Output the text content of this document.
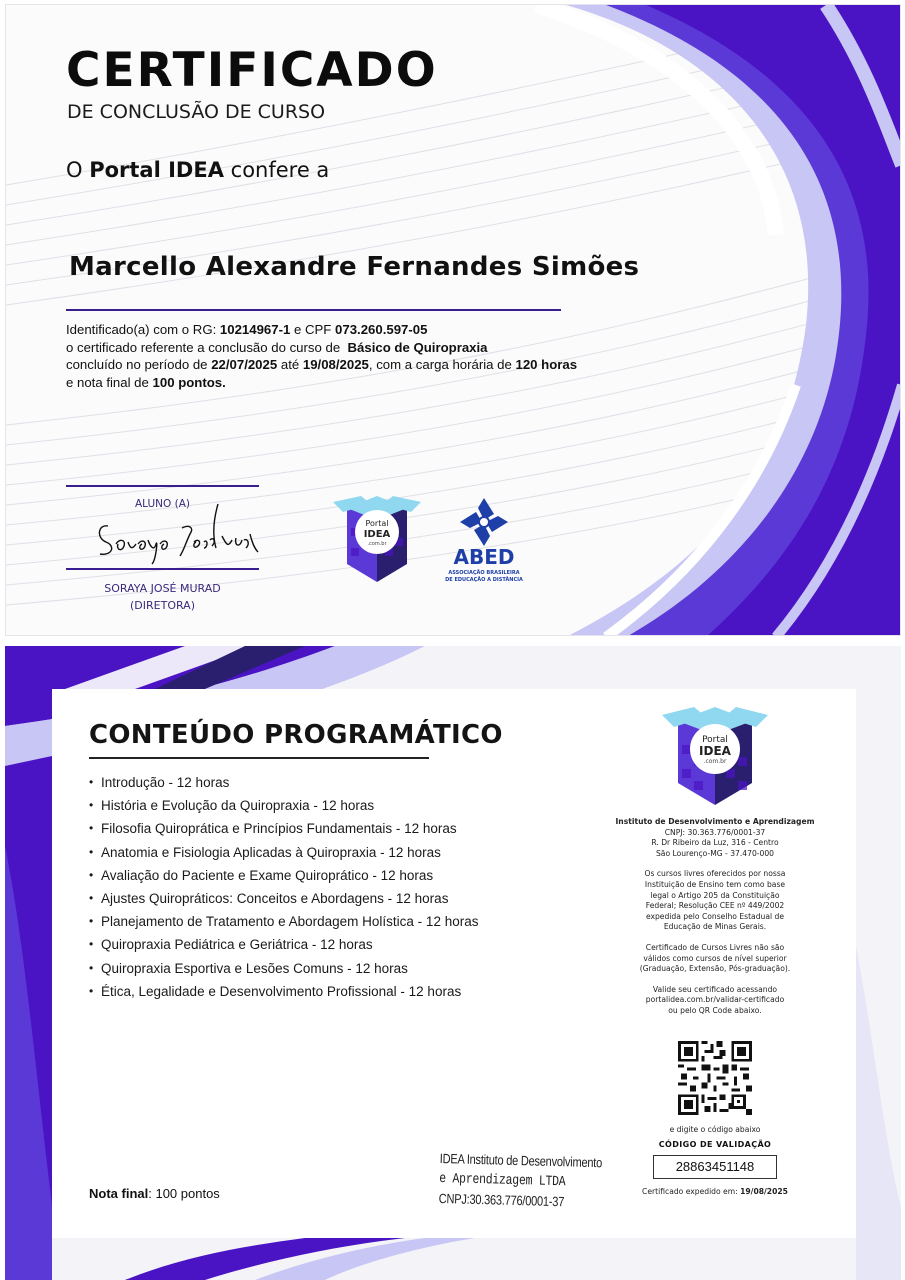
CERTIFICADO
DE CONCLUSÃO DE CURSO
O Portal IDEA confere a
Marcello Alexandre Fernandes Simões
Identificado(a) com o RG: 10214967-1 e CPF 073.260.597-05
o certificado referente a conclusão do curso de  Básico de Quiropraxia
concluído no período de 22/07/2025 até 19/08/2025, com a carga horária de 120 horas
e nota final de 100 pontos.
ALUNO (A)
SORAYA JOSÉ MURAD
(DIRETORA)
Portal
IDEA
.com.br
ABED
ASSOCIAÇÃO BRASILEIRA
DE EDUCAÇÃO A DISTÂNCIA
CONTEÚDO PROGRAMÁTICO
• Introdução - 12 horas
• História e Evolução da Quiropraxia - 12 horas
• Filosofia Quiroprática e Princípios Fundamentais - 12 horas
• Anatomia e Fisiologia Aplicadas à Quiropraxia - 12 horas
• Avaliação do Paciente e Exame Quiroprático - 12 horas
• Ajustes Quiropráticos: Conceitos e Abordagens - 12 horas
• Planejamento de Tratamento e Abordagem Holística - 12 horas
• Quiropraxia Pediátrica e Geriátrica - 12 horas
• Quiropraxia Esportiva e Lesões Comuns - 12 horas
• Ética, Legalidade e Desenvolvimento Profissional - 12 horas
Nota final: 100 pontos
IDEA Instituto de Desenvolvimento
e Aprendizagem LTDA
CNPJ:30.363.776/0001-37
Portal
IDEA
.com.br
Instituto de Desenvolvimento e Aprendizagem
CNPJ: 30.363.776/0001-37
R. Dr Ribeiro da Luz, 316 - Centro
São Lourenço-MG - 37.470-000
Os cursos livres oferecidos por nossa
Instituição de Ensino tem como base
legal o Artigo 205 da Constituição
Federal; Resolução CEE nº 449/2002
expedida pelo Conselho Estadual de
Educação de Minas Gerais.
Certificado de Cursos Livres não são
válidos como cursos de nível superior
(Graduação, Extensão, Pós-graduação).
Valide seu certificado acessando
portalidea.com.br/validar-certificado
ou pelo QR Code abaixo.
e digite o código abaixo
CÓDIGO DE VALIDAÇÃO
28863451148
Certificado expedido em: 19/08/2025
